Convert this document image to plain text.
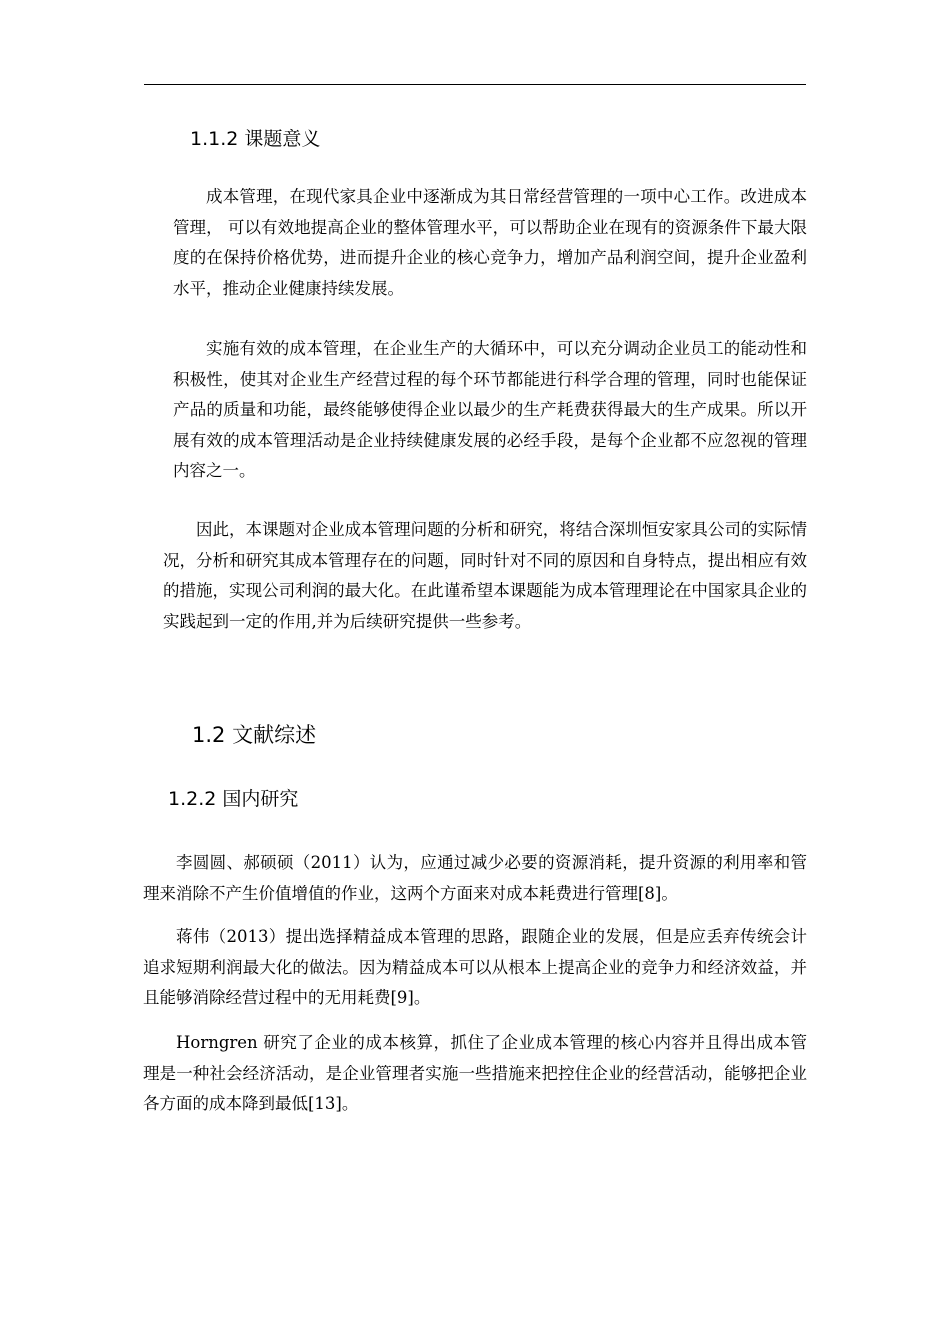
1.1.2 课题意义

成本管理，在现代家具企业中逐渐成为其日常经营管理的一项中心工作。改进成本管理， 可以有效地提高企业的整体管理水平，可以帮助企业在现有的资源条件下最大限度的在保持价格优势，进而提升企业的核心竞争力，增加产品利润空间，提升企业盈利水平，推动企业健康持续发展。

实施有效的成本管理，在企业生产的大循环中，可以充分调动企业员工的能动性和积极性，使其对企业生产经营过程的每个环节都能进行科学合理的管理，同时也能保证产品的质量和功能，最终能够使得企业以最少的生产耗费获得最大的生产成果。所以开展有效的成本管理活动是企业持续健康发展的必经手段，是每个企业都不应忽视的管理内容之一。

因此，本课题对企业成本管理问题的分析和研究，将结合深圳恒安家具公司的实际情况，分析和研究其成本管理存在的问题，同时针对不同的原因和自身特点，提出相应有效的措施，实现公司利润的最大化。在此谨希望本课题能为成本管理理论在中国家具企业的实践起到一定的作用,并为后续研究提供一些参考。

1.2 文献综述
1.2.2 国内研究

李圆圆、郝硕硕（2011）认为，应通过减少必要的资源消耗，提升资源的利用率和管理来消除不产生价值增值的作业，这两个方面来对成本耗费进行管理[8]。

蒋伟（2013）提出选择精益成本管理的思路，跟随企业的发展，但是应丢弃传统会计追求短期利润最大化的做法。因为精益成本可以从根本上提高企业的竞争力和经济效益，并且能够消除经营过程中的无用耗费[9]。

Horngren 研究了企业的成本核算，抓住了企业成本管理的核心内容并且得出成本管理是一种社会经济活动，是企业管理者实施一些措施来把控住企业的经营活动，能够把企业各方面的成本降到最低[13]。
